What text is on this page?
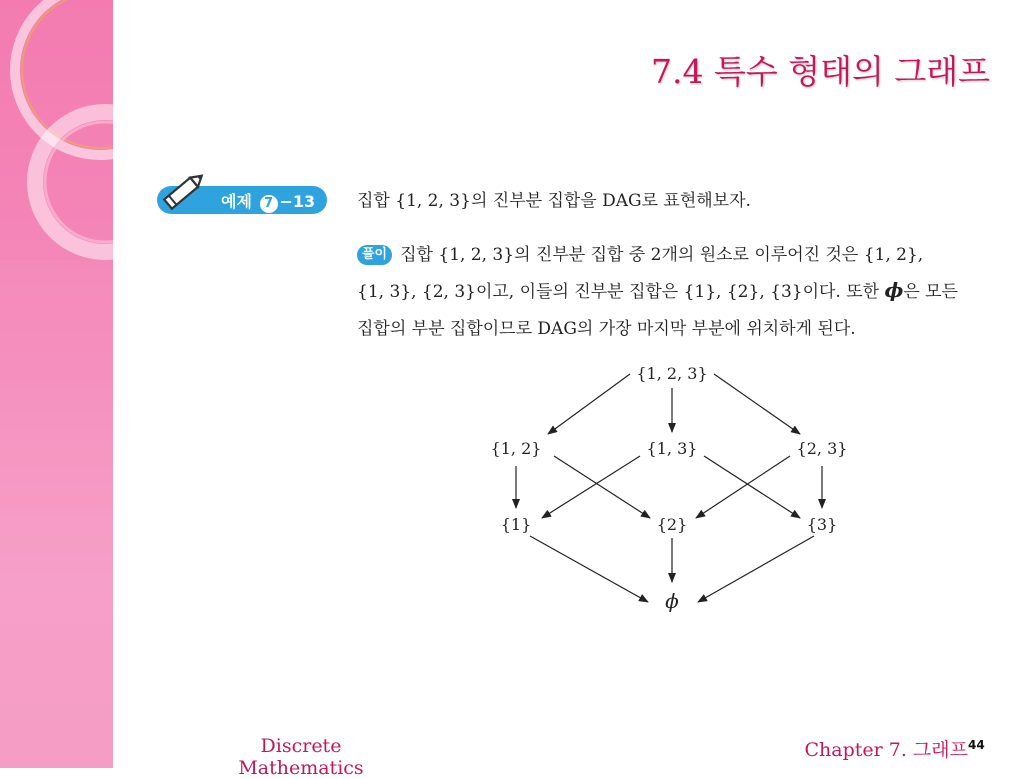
7.4 특수 형태의 그래프
예제 7 −13 집합 {1, 2, 3}의 진부분 집합을 DAG로 표현해보자.
풀이 집합 {1, 2, 3}의 진부분 집합 중 2개의 원소로 이루어진 것은 {1, 2},
{1, 3}, {2, 3}이고, 이들의 진부분 집합은 {1}, {2}, {3}이다. 또한 ϕ은 모든
집합의 부분 집합이므로 DAG의 가장 마지막 부분에 위치하게 된다.
{1, 2, 3}
{1, 2}	{1, 3}	{2, 3}
{1}	{2}	{3}
ϕ
Discrete
Mathematics
Chapter 7. 그래프 44
